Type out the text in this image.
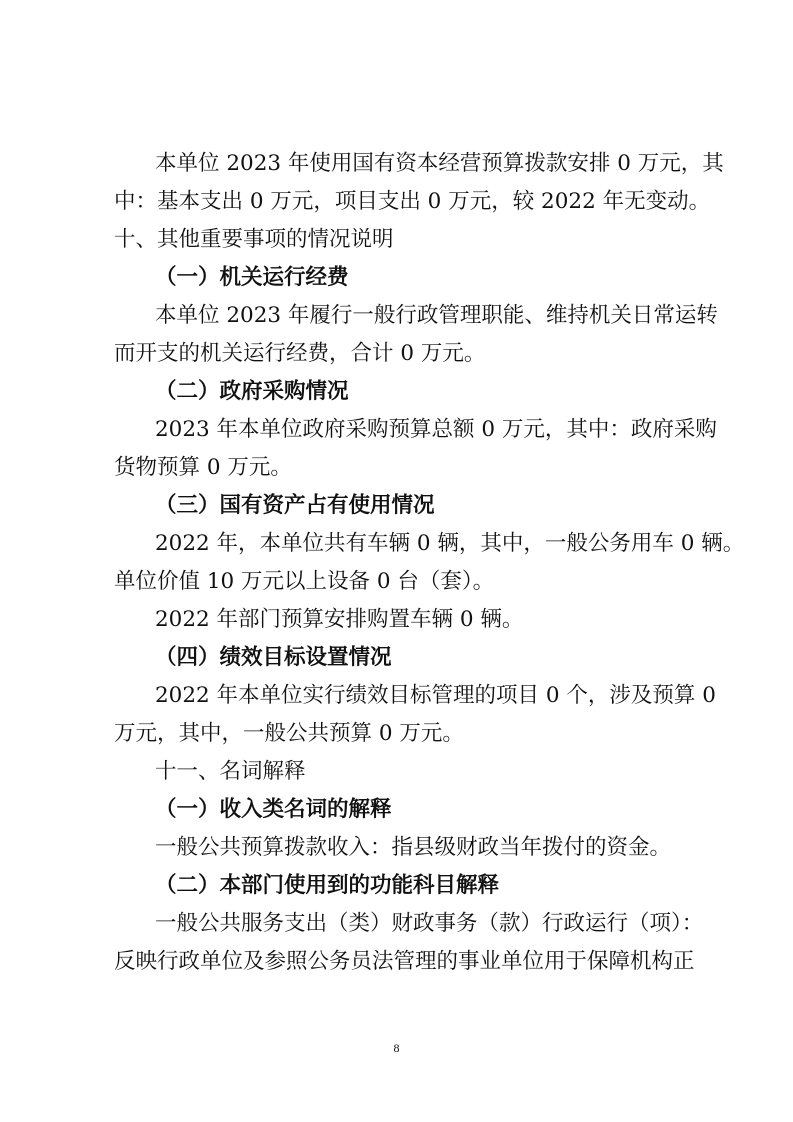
本单位 2023 年使用国有资本经营预算拨款安排 0 万元，其

中：基本支出 0 万元，项目支出 0 万元，较 2022 年无变动。

十、其他重要事项的情况说明

（一）机关运行经费

本单位 2023 年履行一般行政管理职能、维持机关日常运转

而开支的机关运行经费，合计 0 万元。

（二）政府采购情况

2023 年本单位政府采购预算总额 0 万元，其中：政府采购

货物预算 0 万元。

（三）国有资产占有使用情况

2022 年，本单位共有车辆 0 辆，其中，一般公务用车 0 辆。

单位价值 10 万元以上设备 0 台（套）。

2022 年部门预算安排购置车辆 0 辆。

（四）绩效目标设置情况

2022 年本单位实行绩效目标管理的项目 0 个，涉及预算 0

万元，其中，一般公共预算 0 万元。

十一、名词解释

（一）收入类名词的解释

一般公共预算拨款收入：指县级财政当年拨付的资金。

（二）本部门使用到的功能科目解释

一般公共服务支出（类）财政事务（款）行政运行（项）：

反映行政单位及参照公务员法管理的事业单位用于保障机构正

8
